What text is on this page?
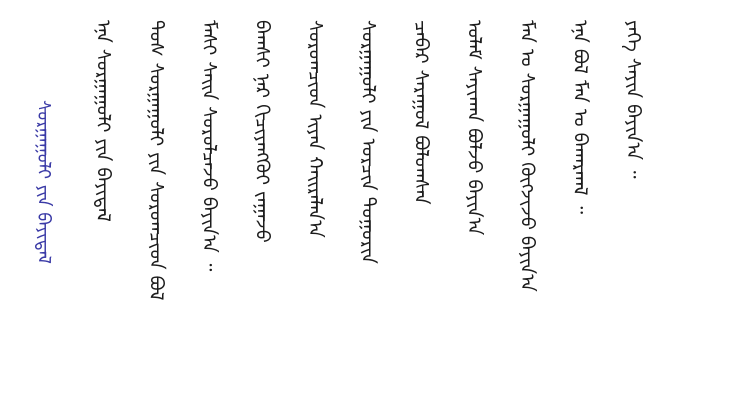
ᠰᠤᠷᠭᠠᠭᠤᠯᠢ ᠶᠢᠨ ᠪᠠᠶᠢᠳᠠᠯ ᠡᠨᠡ ᠰᠤᠷᠭᠠᠭᠤᠯᠢ ᠶᠢᠨ ᠪᠠᠶᠢᠳᠠᠯ ᠲᠤᠰ ᠰᠤᠷᠭᠠᠭᠤᠯᠢ ᠶᠢᠨ ᠰᠤᠷᠤᠭᠴᠢᠳ ᠪᠣᠯ ᠮᠠᠰᠢ ᠰᠠᠢᠨ ᠰᠤᠷᠤᠯᠴᠠᠵᠤ ᠪᠠᠶᠢᠨ᠎ᠠ ᠃ ᠪᠠᠭᠰᠢ ᠨᠠᠷ ᠬᠢᠴᠢᠶᠡᠩᠭᠦᠢ ᠵᠠᠭᠠᠵᠤ ᠰᠤᠷᠤᠭᠴᠢᠳ ᠢᠶᠡᠨ ᠬᠠᠢᠷᠠᠯᠠᠨ᠎ᠠ ᠰᠤᠷᠭᠠᠭᠤᠯᠢ ᠶᠢᠨ ᠣᠷᠴᠢᠨ ᠲᠣᠭᠣᠷᠢᠨ ᠴᠡᠪᠡᠷ ᠰᠠᠷᠠᠭᠤᠯ ᠪᠣᠯᠤᠭᠰᠠᠨ ᠤᠯᠠᠮ ᠰᠠᠶᠢᠬᠠᠨ ᠪᠣᠯᠵᠤ ᠪᠠᠶᠢᠨ᠎ᠠ ᠮᠠᠨ ᠤ ᠰᠤᠷᠭᠠᠭᠤᠯᠢ ᠬᠥᠭᠵᠢᠵᠦ ᠪᠠᠶᠢᠨ᠎ᠠ ᠡᠨᠡ ᠪᠣᠯ ᠮᠠᠨ ᠤ ᠪᠠᠬᠠᠷᠬᠠᠯ ᠃ ᠶᠡᠬᠡ ᠰᠠᠶᠢᠨ ᠪᠠᠶᠢᠨ᠎ᠠ ᠃
